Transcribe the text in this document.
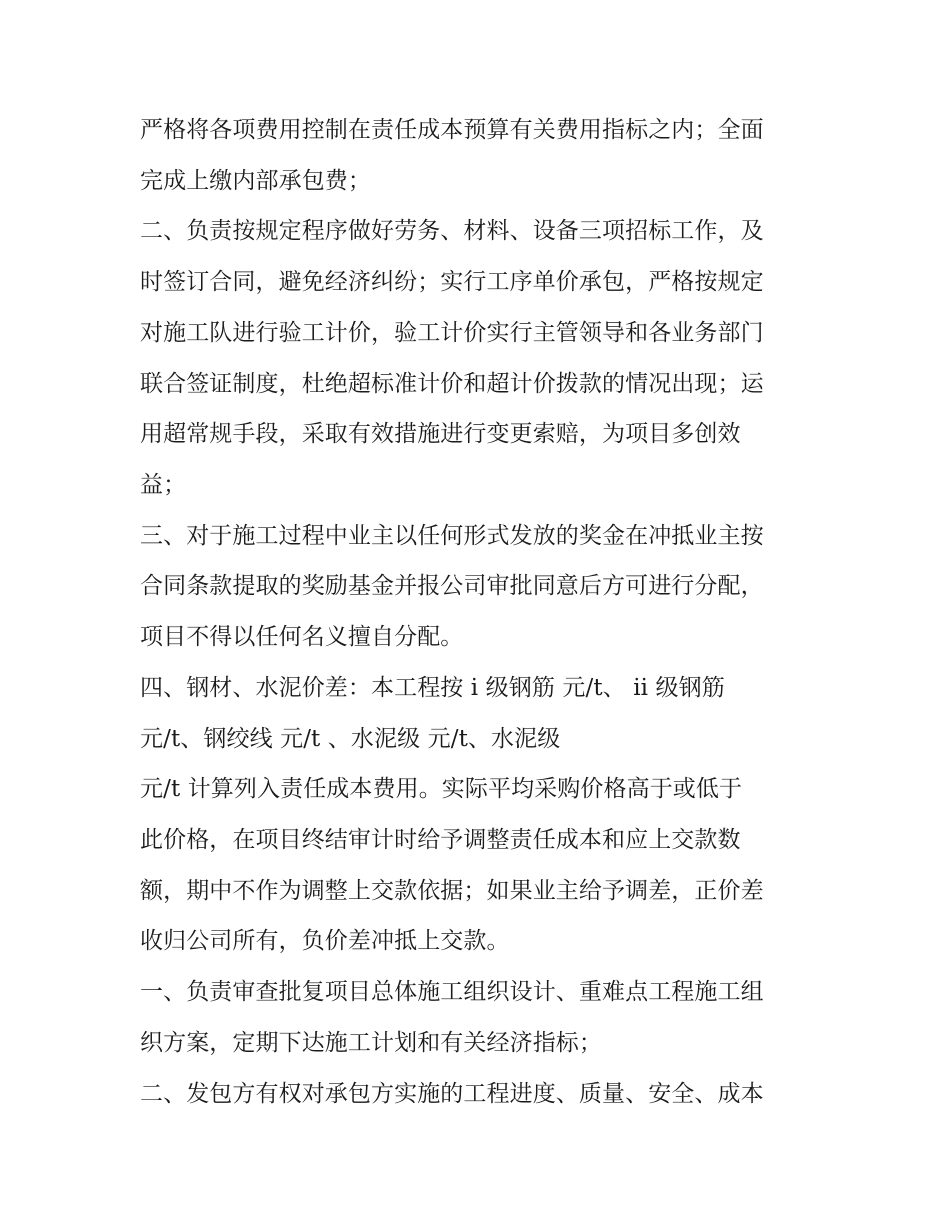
严格将各项费用控制在责任成本预算有关费用指标之内；全面
完成上缴内部承包费；
二、负责按规定程序做好劳务、材料、设备三项招标工作，及
时签订合同，避免经济纠纷；实行工序单价承包，严格按规定
对施工队进行验工计价，验工计价实行主管领导和各业务部门
联合签证制度，杜绝超标准计价和超计价拨款的情况出现；运
用超常规手段，采取有效措施进行变更索赔，为项目多创效
益；
三、对于施工过程中业主以任何形式发放的奖金在冲抵业主按
合同条款提取的奖励基金并报公司审批同意后方可进行分配，
项目不得以任何名义擅自分配。
四、钢材、水泥价差：本工程按 i 级钢筋 元/t、 ii 级钢筋
元/t、钢绞线 元/t 、水泥级 元/t、水泥级
元/t 计算列入责任成本费用。实际平均采购价格高于或低于
此价格，在项目终结审计时给予调整责任成本和应上交款数
额，期中不作为调整上交款依据；如果业主给予调差，正价差
收归公司所有，负价差冲抵上交款。
一、负责审查批复项目总体施工组织设计、重难点工程施工组
织方案，定期下达施工计划和有关经济指标；
二、发包方有权对承包方实施的工程进度、质量、安全、成本
